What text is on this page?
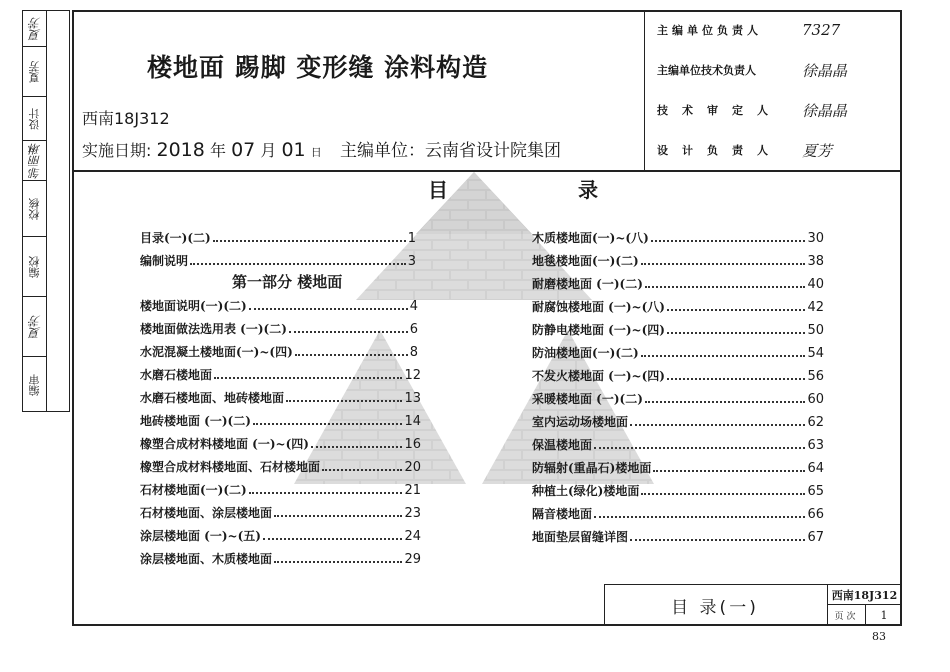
夏芳
夏芳
设计
邹丽琳
校核
编校
夏芳
编审
楼地面 踢脚 变形缝 涂料构造
西南18J312
实施日期: 2018 年 07 月 01 日 主编单位：云南省设计院集团
主编单位负责人	7327
主编单位技术负责人	徐晶晶
技术审定人	徐晶晶
设计负责人	夏芳
目	录
第一部分 楼地面
目录(一)(二)	1
编制说明	3
楼地面说明(一)(二)	4
楼地面做法选用表 (一)(二)	6
水泥混凝土楼地面(一)~(四)	8
水磨石楼地面	12
水磨石楼地面、地砖楼地面	13
地砖楼地面 (一)(二)	14
橡塑合成材料楼地面 (一)~(四)	16
橡塑合成材料楼地面、石材楼地面	20
石材楼地面(一)(二)	21
石材楼地面、涂层楼地面	23
涂层楼地面 (一)~(五)	24
涂层楼地面、木质楼地面	29
木质楼地面(一)~(八)	30
地毯楼地面(一)(二)	38
耐磨楼地面 (一)(二)	40
耐腐蚀楼地面 (一)~(八)	42
防静电楼地面 (一)~(四)	50
防油楼地面(一)(二)	54
不发火楼地面 (一)~(四)	56
采暖楼地面 (一)(二)	60
室内运动场楼地面	62
保温楼地面	63
防辐射(重晶石)楼地面	64
种植土(绿化)楼地面	65
隔音楼地面	66
地面垫层留缝详图	67
目 录(一)
西南18J312
页次	1
83
